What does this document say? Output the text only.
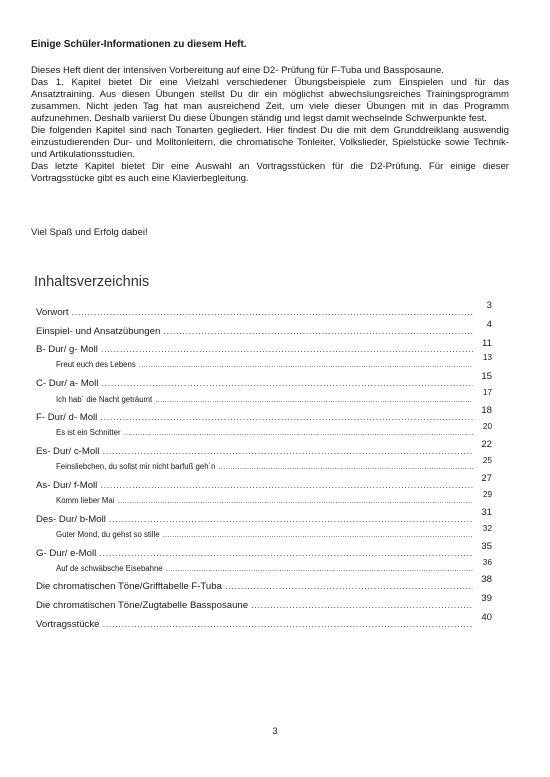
Einige Schüler-Informationen zu diesem Heft.

Dieses Heft dient der intensiven Vorbereitung auf eine D2- Prüfung für F-Tuba und Bassposaune.

Das 1. Kapitel bietet Dir eine Vielzahl verschiedener Übungsbeispiele zum Einspielen und für das Ansatztraining. Aus diesen Übungen stellst Du dir ein möglichst abwechslungsreiches Trainingsprogramm zusammen. Nicht jeden Tag hat man ausreichend Zeit, um viele dieser Übungen mit in das Programm aufzunehmen. Deshalb variierst Du diese Übungen ständig und legst damit wechselnde Schwerpunkte fest.

Die folgenden Kapitel sind nach Tonarten gegliedert. Hier findest Du die mit dem Grunddreiklang auswendig einzustudierenden Dur- und Molltonleitern, die chromatische Tonleiter, Volkslieder, Spielstücke sowie Technik- und Artikulationsstudien.

Das letzte Kapitel bietet Dir eine Auswahl an Vortragsstücken für die D2-Prüfung. Für einige dieser Vortragsstücke gibt es auch eine Klavierbegleitung.

Viel Spaß und Erfolg dabei!
Inhaltsverzeichnis
Vorwort
.....
3
Einspiel- und Ansatzübungen
.....
4
B- Dur/ g- Moll
.....
11
Freut euch des Lebens
.....
13
C- Dur/ a- Moll
.....
15
Ich hab´ die Nacht geträumt
.....
17
F- Dur/ d- Moll
.....
18
Es ist ein Schnitter
.....
20
Es- Dur/ c-Moll
.....
22
Feinsliebchen, du sollst mir nicht barfuß geh´n
.....
25
As- Dur/ f-Moll
.....
27
Komm lieber Mai
.....
29
Des- Dur/ b-Moll
.....
31
Guter Mond, du gehst so stille
.....
32
G- Dur/ e-Moll
.....
35
Auf de schwäbsche Eisebahne
.....
36
Die chromatischen Töne/Grifftabelle F-Tuba
.....
38
Die chromatischen Töne/Zugtabelle Bassposaune
.....
39
Vortragsstücke
.....
40
3
